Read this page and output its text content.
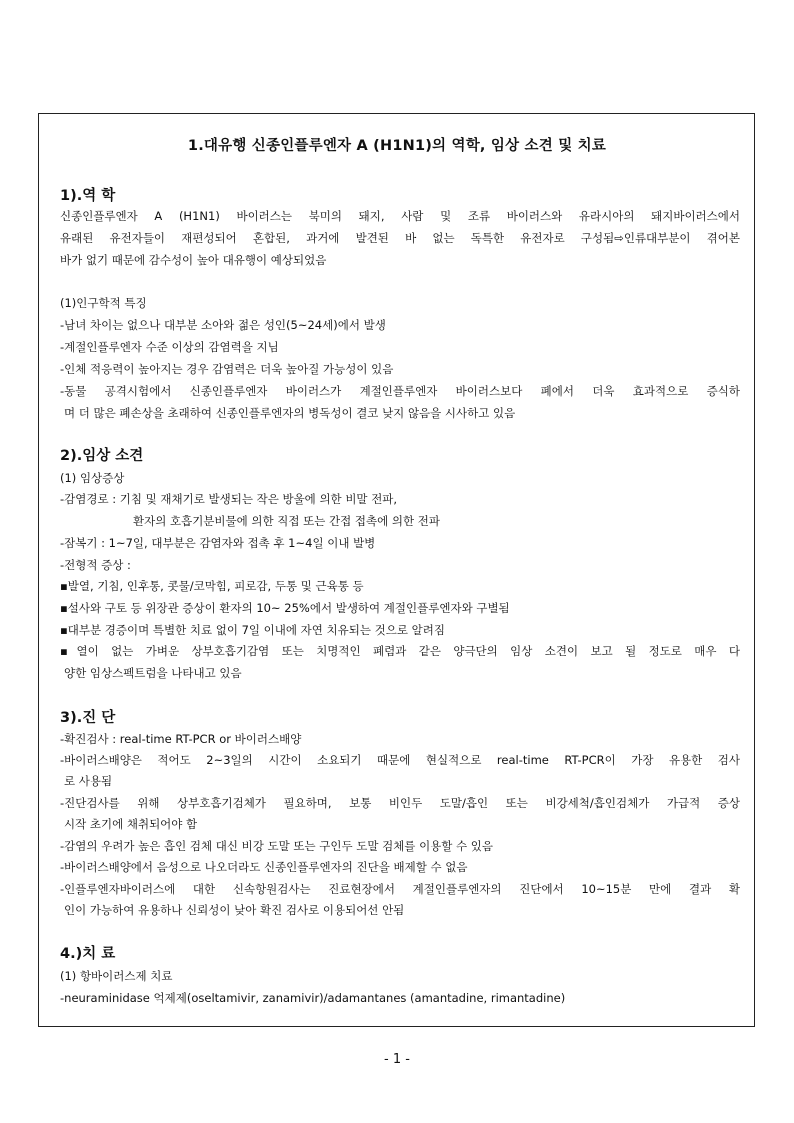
1.대유행 신종인플루엔자 A (H1N1)의 역학, 임상 소견 및 치료
1).역 학
신종인플루엔자 A (H1N1) 바이러스는 북미의 돼지, 사람 및 조류 바이러스와 유라시아의 돼지바이러스에서
유래된 유전자들이 재편성되어 혼합된, 과거에 발견된 바 없는 독특한 유전자로 구성됨⇨인류대부분이 겪어본
바가 없기 때문에 감수성이 높아 대유행이 예상되었음
(1)인구학적 특징
-남녀 차이는 없으나 대부분 소아와 젊은 성인(5~24세)에서 발생
-계절인플루엔자 수준 이상의 감염력을 지님
-인체 적응력이 높아지는 경우 감염력은 더욱 높아질 가능성이 있음
-동물 공격시험에서 신종인플루엔자 바이러스가 계절인플루엔자 바이러스보다 폐에서 더욱 효과적으로 증식하
며 더 많은 폐손상을 초래하여 신종인플루엔자의 병독성이 결코 낮지 않음을 시사하고 있음
2).임상 소견
(1) 임상증상
-감염경로 : 기침 및 재채기로 발생되는 작은 방울에 의한 비말 전파,
환자의 호흡기분비물에 의한 직접 또는 간접 접촉에 의한 전파
-잠복기 : 1~7일, 대부분은 감염자와 접촉 후 1~4일 이내 발병
-전형적 증상 :
▪발열, 기침, 인후통, 콧물/코막힘, 피로감, 두통 및 근육통 등
▪설사와 구토 등 위장관 증상이 환자의 10~ 25%에서 발생하여 계절인플루엔자와 구별됨
▪대부분 경증이며 특별한 치료 없이 7일 이내에 자연 치유되는 것으로 알려짐
▪열이 없는 가벼운 상부호흡기감염 또는 치명적인 폐렴과 같은 양극단의 임상 소견이 보고 될 정도로 매우 다
양한 임상스펙트럼을 나타내고 있음
3).진 단
-확진검사 : real-time RT-PCR or 바이러스배양
-바이러스배양은 적어도 2~3일의 시간이 소요되기 때문에 현실적으로 real-time RT-PCR이 가장 유용한 검사
로 사용됨
-진단검사를 위해 상부호흡기검체가 필요하며, 보통 비인두 도말/흡인 또는 비강세척/흡인검체가 가급적 증상
시작 초기에 채취되어야 함
-감염의 우려가 높은 흡인 검체 대신 비강 도말 또는 구인두 도말 검체를 이용할 수 있음
-바이러스배양에서 음성으로 나오더라도 신종인플루엔자의 진단을 배제할 수 없음
-인플루엔자바이러스에 대한 신속항원검사는 진료현장에서 계절인플루엔자의 진단에서 10~15분 만에 결과 확
인이 가능하여 유용하나 신뢰성이 낮아 확진 검사로 이용되어선 안됨
4.)치 료
(1) 항바이러스제 치료
-neuraminidase 억제제(oseltamivir, zanamivir)/adamantanes (amantadine, rimantadine)
- 1 -
